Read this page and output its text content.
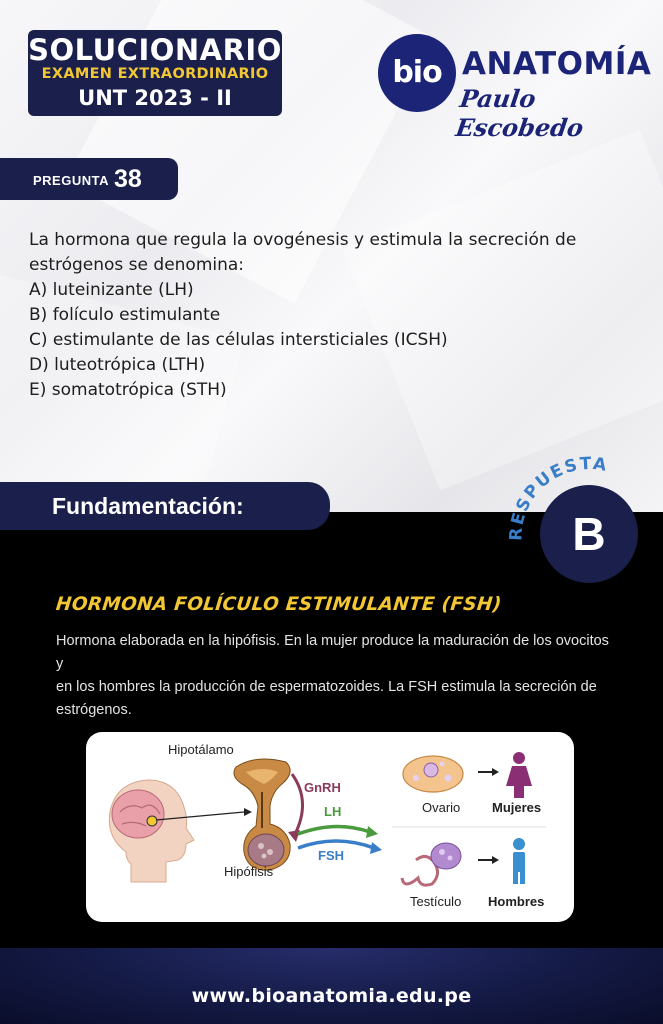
SOLUCIONARIO
EXAMEN EXTRAORDINARIO
UNT 2023 - II
bio ANATOMÍA
Paulo Escobedo
PREGUNTA 38

La hormona que regula la ovogénesis y estimula la secreción de

estrógenos se denomina:

A) luteinizante (LH)

B) folículo estimulante

C) estimulante de las células intersticiales (ICSH)

D) luteotrópica (LTH)

E) somatotrópica (STH)

Fundamentación:
RESPUESTA
B
HORMONA FOLÍCULO ESTIMULANTE (FSH)
Hormona elaborada en la hipófisis. En la mujer produce la maduración de los ovocitos y
en los hombres la producción de espermatozoides. La FSH estimula la secreción de
estrógenos.
Hipotálamo
GnRH
LH
FSH
Hipófisis
Ovario Mujeres
Testículo Hombres
www.bioanatomia.edu.pe
